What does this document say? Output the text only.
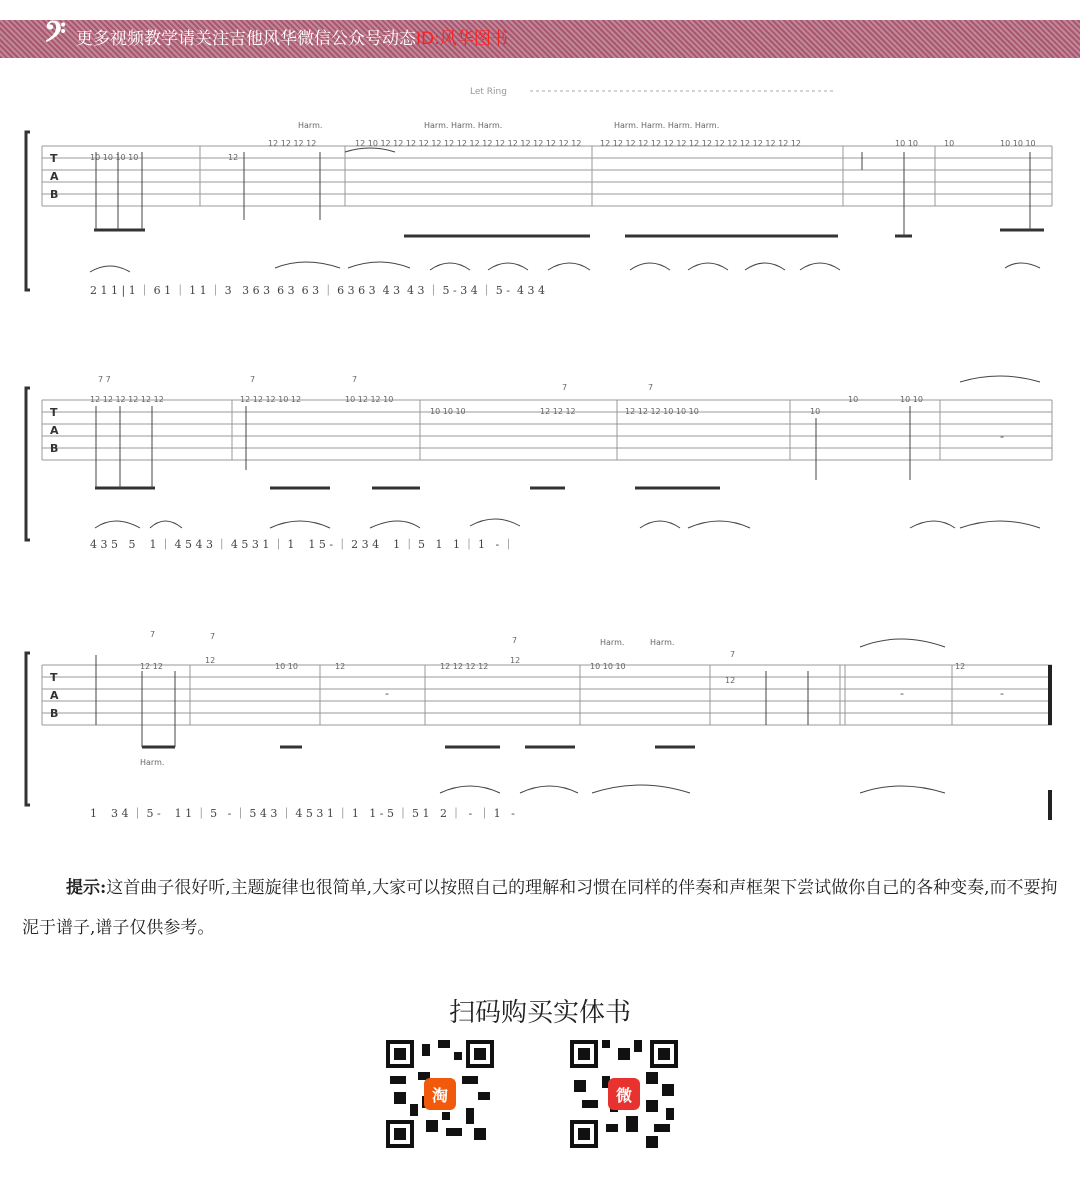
𝄢 更多视频教学请关注吉他风华微信公众号动态ID:风华图书
Let Ring
T
A
B
10 10 10 10	12
12 12 12 12	12 10 12 12 12 12 12 12 12 12 12 12 12 12 12 12 12 12 12 12 12 12 12 12 12 12 12 12 12 12 12 12 12 12	10 10	10	10 10 10
Harm.	Harm. Harm. Harm.	Harm. Harm. Harm. Harm.
2 1 1 | 1 ｜ 6 1 ｜ 1 1 ｜ 3   3 6 3  6 3  6 3 ｜ 6 3 6 3  4 3  4 3 ｜ 5 - 3 4 ｜ 5 -  4 3 4
T
A
B
12 12 12 12 12 12	12 12 12 10 12	10 12 12 10
10 10 10	12 12 12	12 12 12 10 10 10	10
10	10 10
7 7	7	7
7	7
-
4 3 5   5    1 ｜ 4 5 4 3 ｜ 4 5 3 1 ｜ 1    1 5 - ｜ 2 3 4    1 ｜ 5   1   1 ｜ 1   - ｜
T
A
B
12 12
12
10 10	12	12 12 12 12
12
10 10 10
12
12
7	7	7
7
Harm.	Harm.
Harm.
-
-	-
1    3 4 ｜ 5 -    1 1 ｜ 5   - ｜ 5 4 3 ｜ 4 5 3 1 ｜ 1   1 - 5 ｜ 5 1   2 ｜  -  ｜ 1   -

提示:这首曲子很好听,主题旋律也很简单,大家可以按照自己的理解和习惯在同样的伴奏和声框架下尝试做你自己的各种变奏,而不要拘泥于谱子,谱子仅供参考。

扫码购买实体书
淘	微
